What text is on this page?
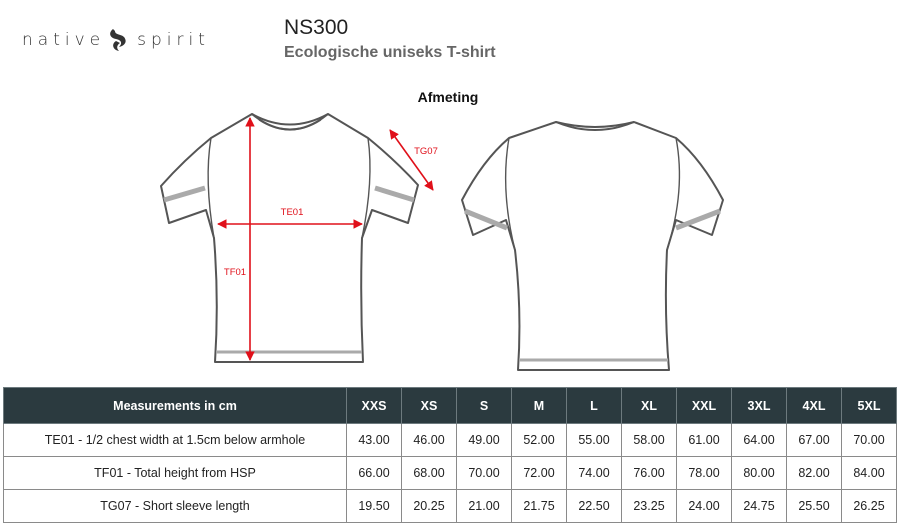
native spirit
NS300
Ecologische uniseks T-shirt
Afmeting
TE01
TF01
TG07
Measurements in cm	XXS	XS	S	M	L	XL	XXL	3XL	4XL	5XL
TE01 - 1/2 chest width at 1.5cm below armhole	43.00	46.00	49.00	52.00	55.00	58.00	61.00	64.00	67.00	70.00
TF01 - Total height from HSP	66.00	68.00	70.00	72.00	74.00	76.00	78.00	80.00	82.00	84.00
TG07 - Short sleeve length	19.50	20.25	21.00	21.75	22.50	23.25	24.00	24.75	25.50	26.25
